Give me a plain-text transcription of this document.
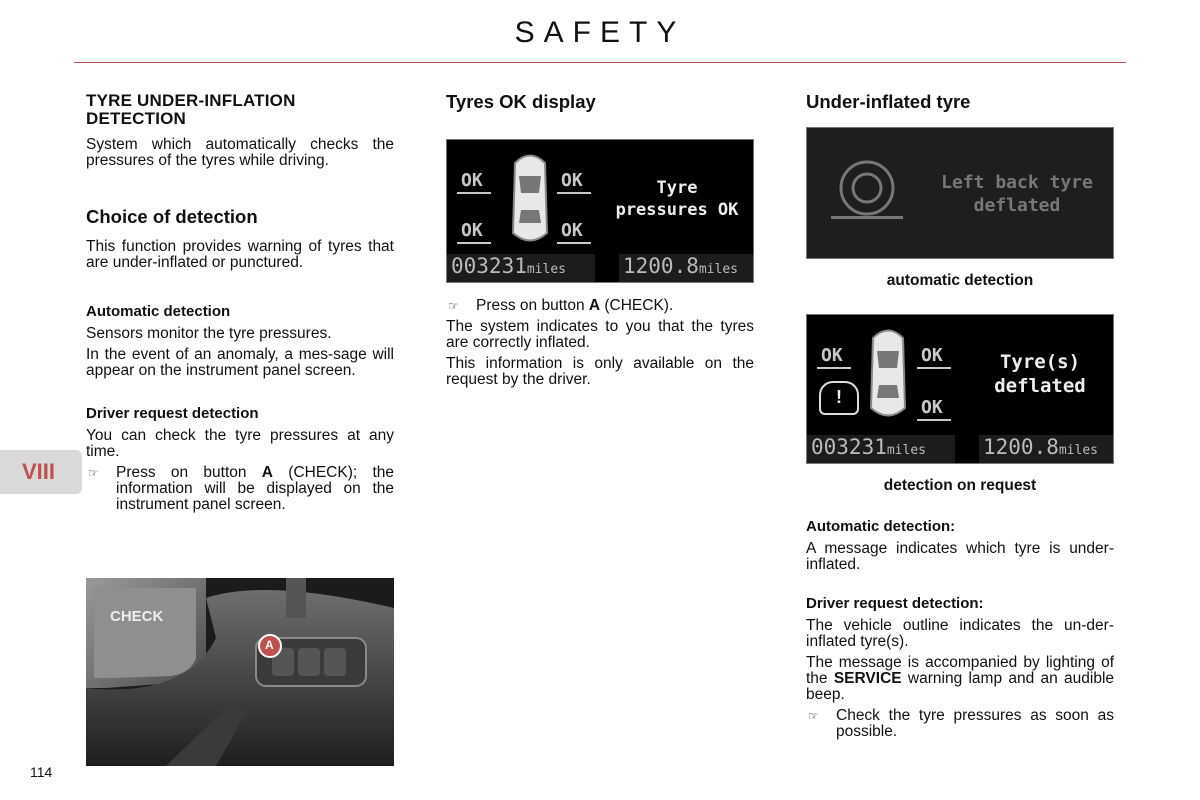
SAFETY
VIII
114
TYRE UNDER-INFLATION DETECTION

System which automatically checks the pressures of the tyres while driving.

Choice of detection

This function provides warning of tyres that are under-inflated or punctured.

Automatic detection

Sensors monitor the tyre pressures.

In the event of an anomaly, a mes-sage will appear on the instrument panel screen.

Driver request detection

You can check the tyre pressures at any time.

☞ Press on button A (CHECK); the information will be displayed on the instrument panel screen.
CHECK
A
Tyres OK display
OK	OK
OK	OK
Tyre
pressures OK
003231miles	1200.8miles
☞ Press on button A (CHECK).

The system indicates to you that the tyres are correctly inflated.

This information is only available on the request by the driver.

Under-inflated tyre
Left back tyre
deflated
automatic detection
OK	OK
OK
!
Tyre(s)
deflated
003231miles	1200.8miles
detection on request
Automatic detection:

A message indicates which tyre is under-inflated.

Driver request detection:

The vehicle outline indicates the un-der-inflated tyre(s).

The message is accompanied by lighting of the SERVICE warning lamp and an audible beep.

☞ Check the tyre pressures as soon as possible.
